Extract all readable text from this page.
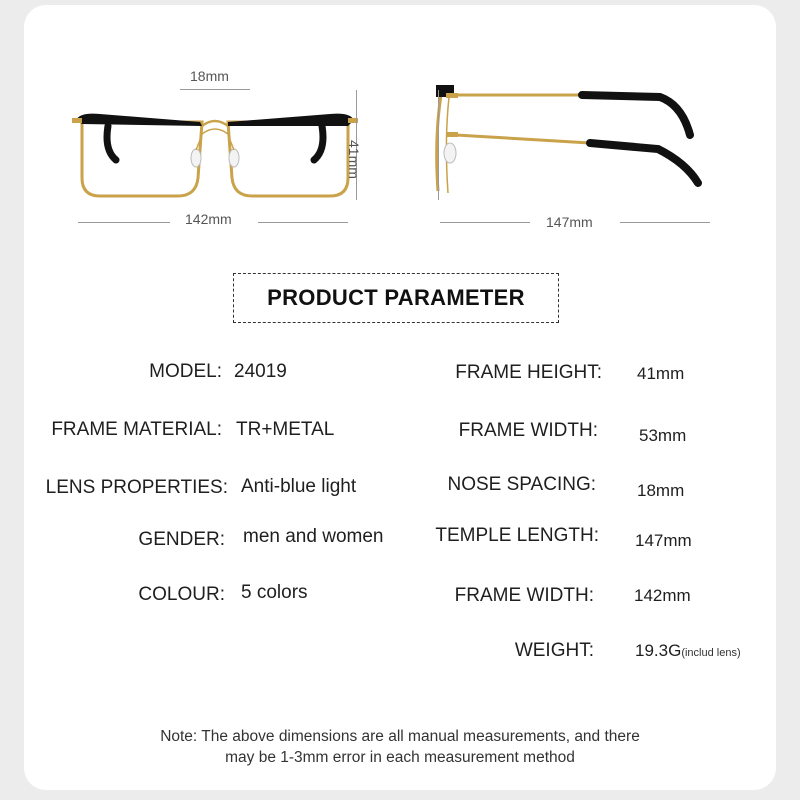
18mm
41mm
142mm	147mm
PRODUCT PARAMETER
MODEL: 24019
FRAME MATERIAL: TR+METAL
LENS PROPERTIES: Anti-blue light
GENDER: men and women
COLOUR: 5 colors
FRAME HEIGHT: 41mm
FRAME WIDTH: 53mm
NOSE SPACING: 18mm
TEMPLE LENGTH: 147mm
FRAME WIDTH: 142mm
WEIGHT: 19.3G(includ lens)
Note: The above dimensions are all manual measurements, and there
may be 1-3mm error in each measurement method
